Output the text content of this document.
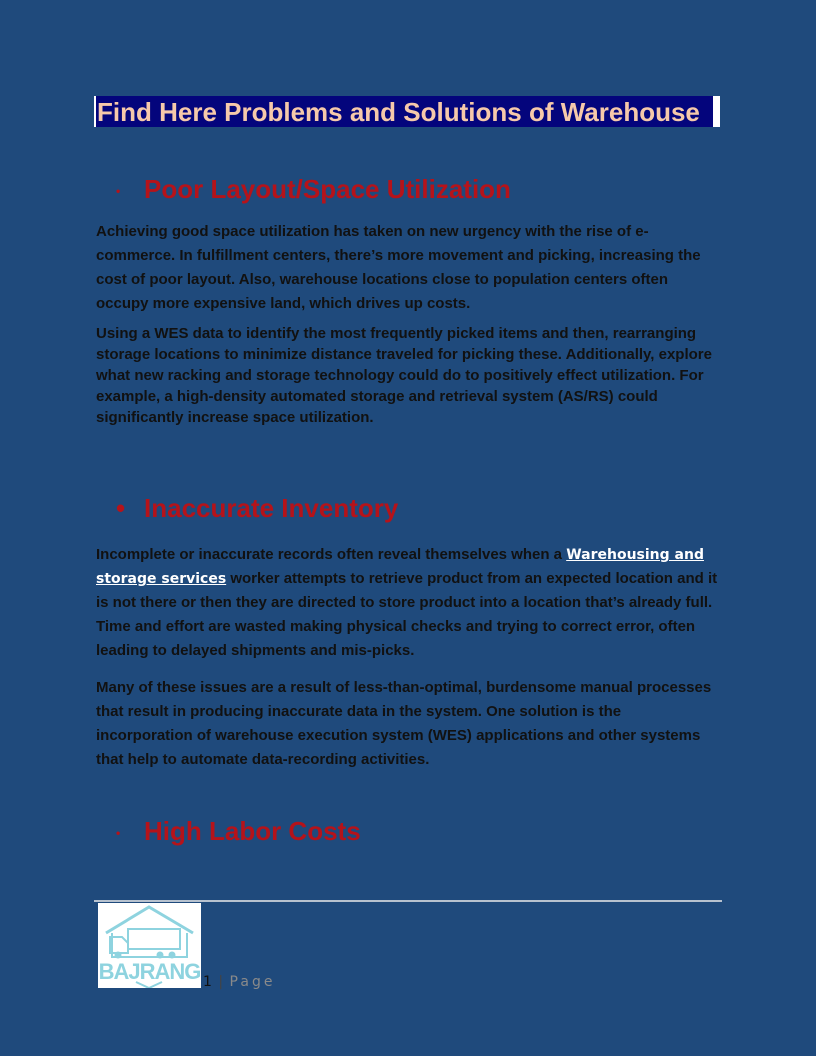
Find Here Problems and Solutions of Warehouse
• Poor Layout/Space Utilization

Achieving good space utilization has taken on new urgency with the rise of e-commerce. In fulfillment centers, there’s more movement and picking, increasing the cost of poor layout. Also, warehouse locations close to population centers often occupy more expensive land, which drives up costs.

Using a WES data to identify the most frequently picked items and then, rearranging storage locations to minimize distance traveled for picking these. Additionally, explore what new racking and storage technology could do to positively effect utilization. For example, a high-density automated storage and retrieval system (AS/RS) could significantly increase space utilization.

• Inaccurate Inventory

Incomplete or inaccurate records often reveal themselves when a Warehousing and storage services worker attempts to retrieve product from an expected location and it is not there or then they are directed to store product into a location that’s already full. Time and effort are wasted making physical checks and trying to correct error, often leading to delayed shipments and mis-picks.

Many of these issues are a result of less-than-optimal, burdensome manual processes that result in producing inaccurate data in the system. One solution is the incorporation of warehouse execution system (WES) applications and other systems that help to automate data-recording activities.

• High Labor Costs
BAJRANG 1 | Page
